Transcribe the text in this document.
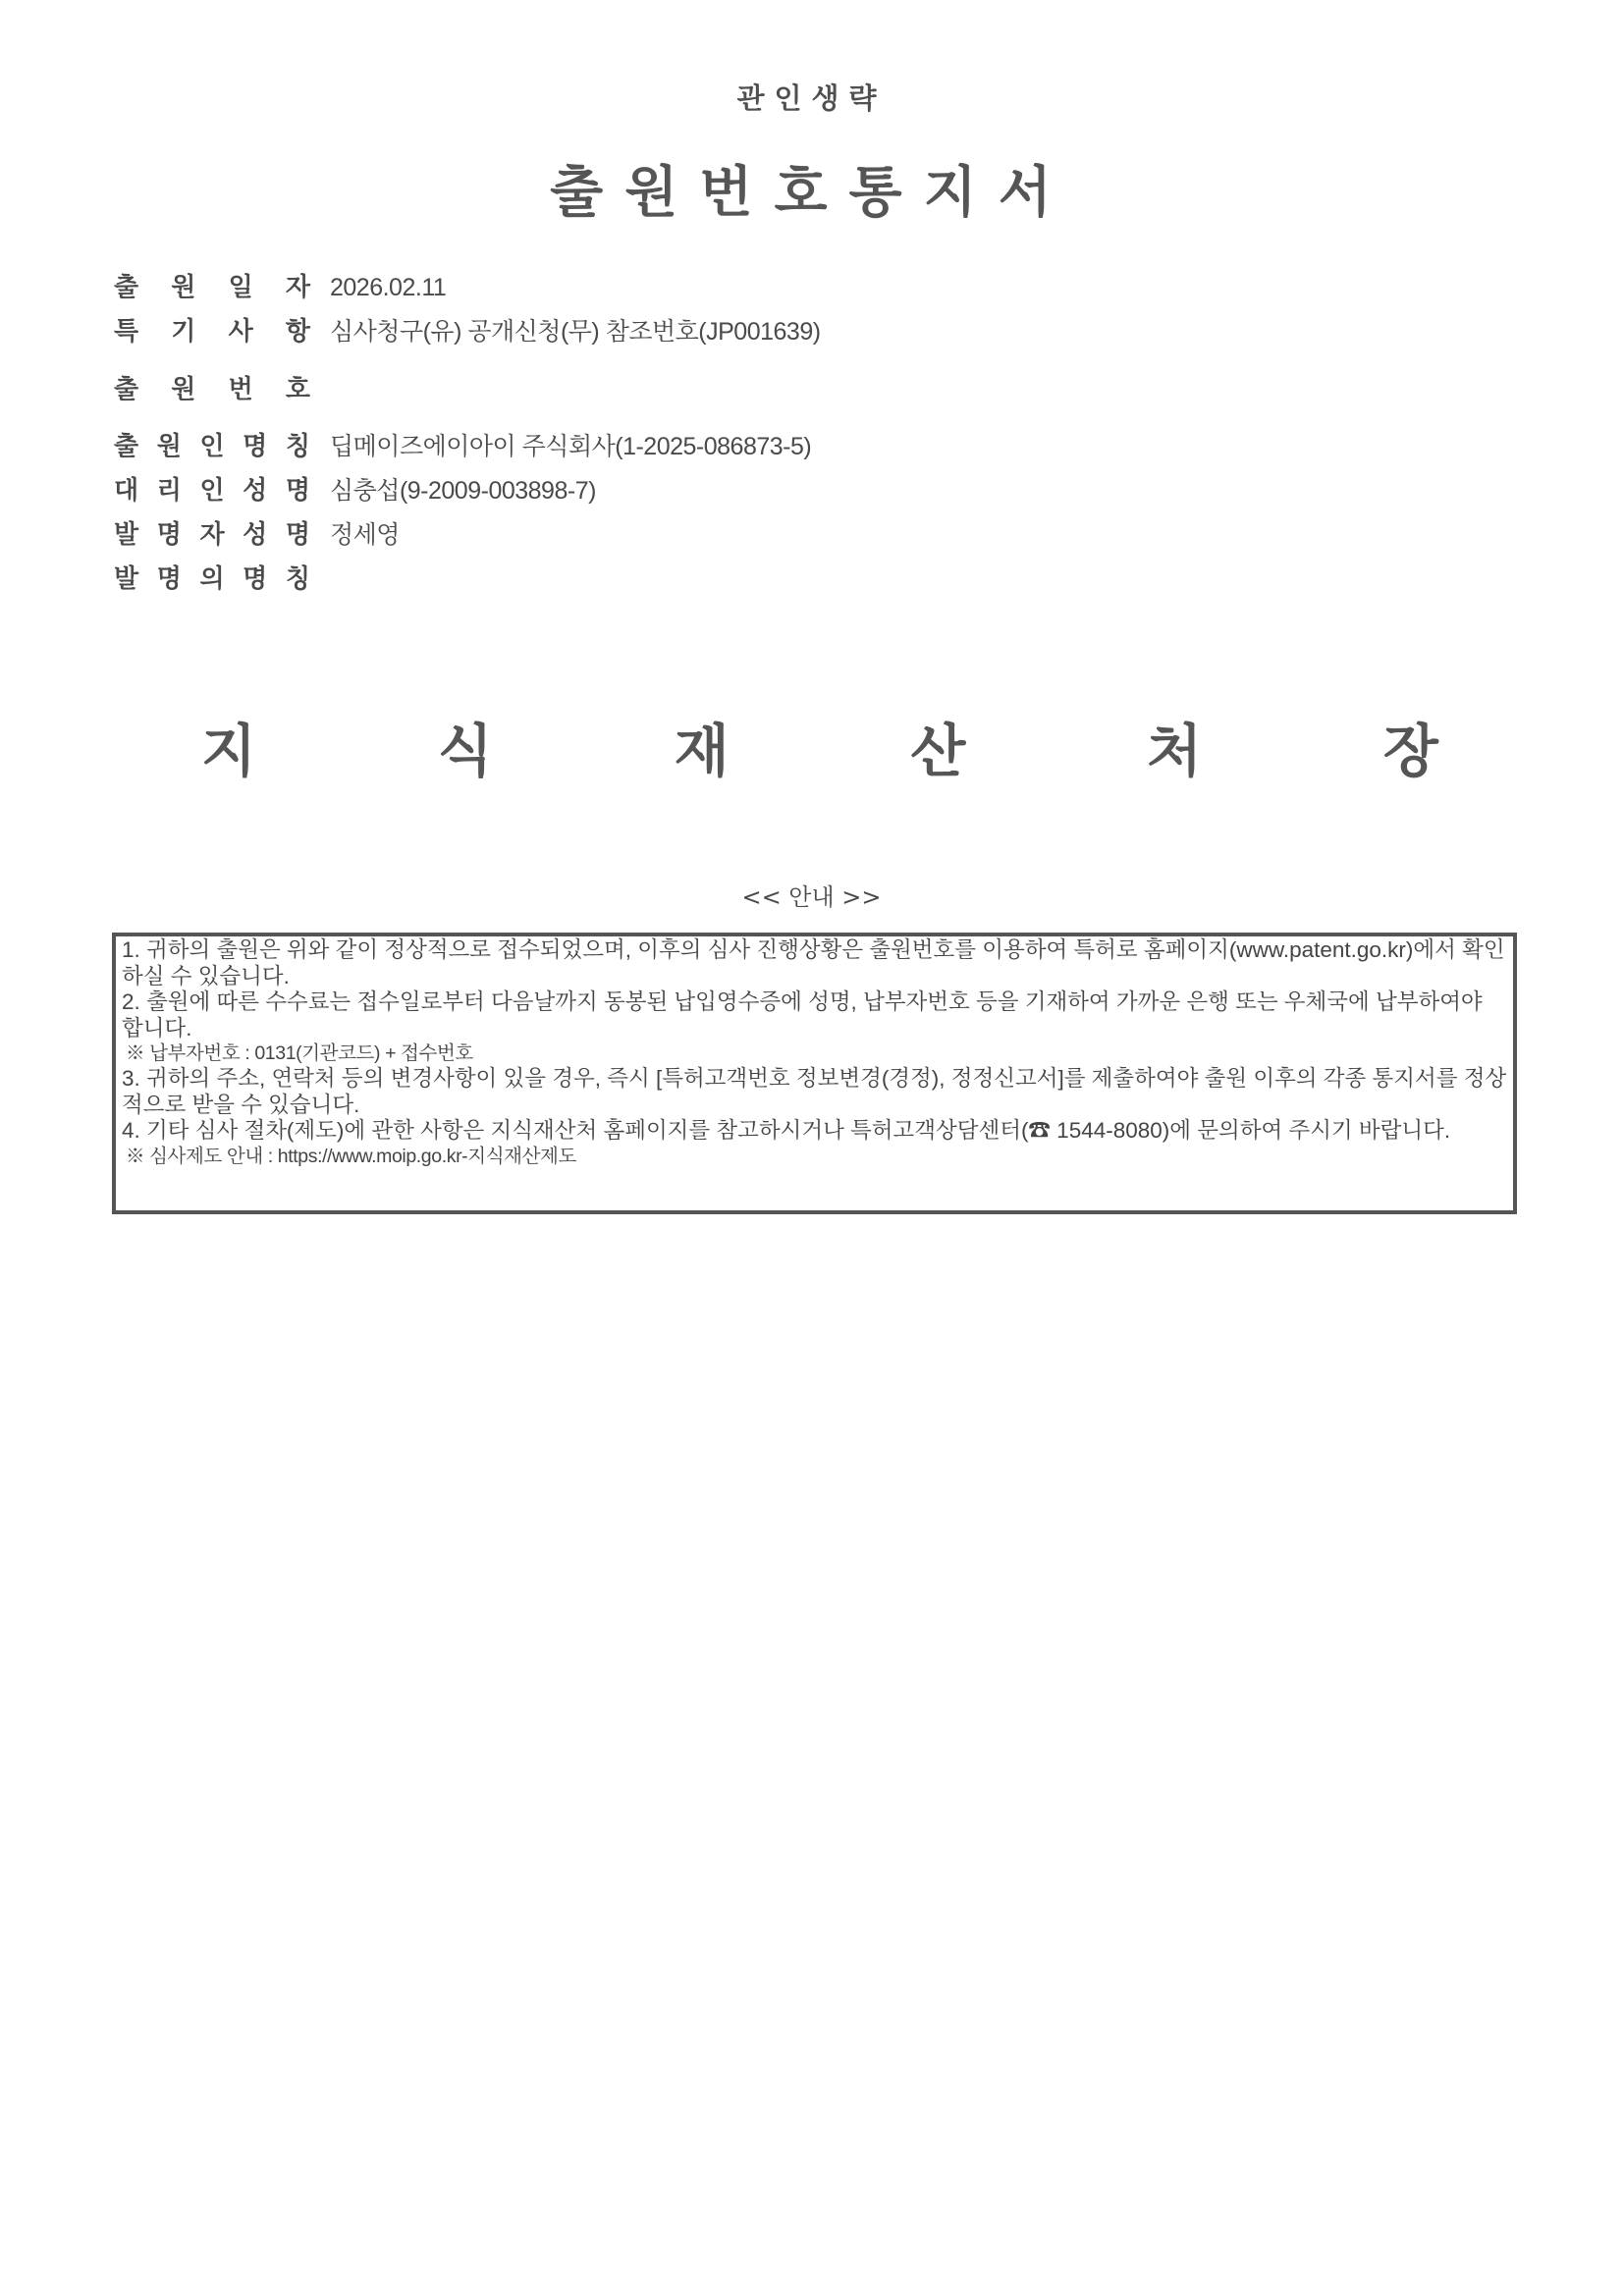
관인생략
출원번호통지서
출 원 일 자 2026.02.11
특 기 사 항 심사청구(유) 공개신청(무) 참조번호(JP001639)
출 원 번 호
출 원 인 명 칭 딥메이즈에이아이 주식회사(1-2025-086873-5)
대 리 인 성 명 심충섭(9-2009-003898-7)
발 명 자 성 명 정세영
발 명 의 명 칭
지	식	재	산	처	장
<< 안내 >>

1. 귀하의 출원은 위와 같이 정상적으로 접수되었으며, 이후의 심사 진행상황은 출원번호를 이용하여 특허로 홈페이지(www.patent.go.kr)에서 확인하실 수 있습니다.

2. 출원에 따른 수수료는 접수일로부터 다음날까지 동봉된 납입영수증에 성명, 납부자번호 등을 기재하여 가까운 은행 또는 우체국에 납부하여야 합니다.

※ 납부자번호 : 0131(기관코드) + 접수번호

3. 귀하의 주소, 연락처 등의 변경사항이 있을 경우, 즉시 [특허고객번호 정보변경(경정), 정정신고서]를 제출하여야 출원 이후의 각종 통지서를 정상적으로 받을 수 있습니다.

4. 기타 심사 절차(제도)에 관한 사항은 지식재산처 홈페이지를 참고하시거나 특허고객상담센터(☎ 1544-8080)에 문의하여 주시기 바랍니다.

※ 심사제도 안내 : https://www.moip.go.kr-지식재산제도
